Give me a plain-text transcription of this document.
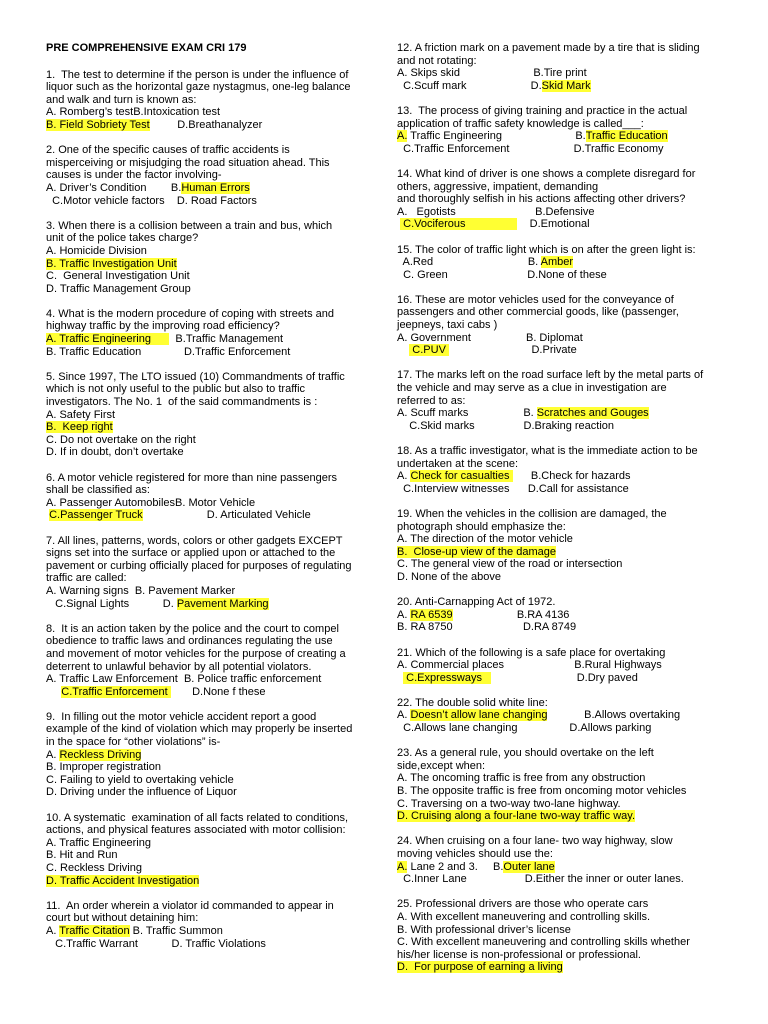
PRE COMPREHENSIVE EXAM CRI 179
1.  The test to determine if the person is under the influence of
liquor such as the horizontal gaze nystagmus, one-leg balance
and walk and turn is known as:
A. Romberg’s testB.Intoxication test
B. Field Sobriety Test         D.Breathanalyzer
2. One of the specific causes of traffic accidents is
misperceiving or misjudging the road situation ahead. This
causes is under the factor involving-
A. Driver’s Condition        B.Human Errors
C.Motor vehicle factors    D. Road Factors
3. When there is a collision between a train and bus, which
unit of the police takes charge?
A. Homicide Division
B. Traffic Investigation Unit
C.  General Investigation Unit
D. Traffic Management Group
4. What is the modern procedure of coping with streets and
highway traffic by the improving road efficiency?
A. Traffic Engineering        B.Traffic Management
B. Traffic Education              D.Traffic Enforcement
5. Since 1997, The LTO issued (10) Commandments of traffic
which is not only useful to the public but also to traffic
investigators. The No. 1  of the said commandments is :
A. Safety First
B.  Keep right
C. Do not overtake on the right
D. If in doubt, don’t overtake
6. A motor vehicle registered for more than nine passengers
shall be classified as:
A. Passenger AutomobilesB. Motor Vehicle
C.Passenger Truck                     D. Articulated Vehicle
7. All lines, patterns, words, colors or other gadgets EXCEPT
signs set into the surface or applied upon or attached to the
pavement or curbing officially placed for purposes of regulating
traffic are called:
A. Warning signs  B. Pavement Marker
C.Signal Lights           D. Pavement Marking
8.  It is an action taken by the police and the court to compel
obedience to traffic laws and ordinances regulating the use
and movement of motor vehicles for the purpose of creating a
deterrent to unlawful behavior by all potential violators.
A. Traffic Law Enforcement  B. Police traffic enforcement
C.Traffic Enforcement        D.None f these
9.  In filling out the motor vehicle accident report a good
example of the kind of violation which may properly be inserted
in the space for “other violations” is-
A. Reckless Driving
B. Improper registration
C. Failing to yield to overtaking vehicle
D. Driving under the influence of Liquor
10. A systematic  examination of all facts related to conditions,
actions, and physical features associated with motor collision:
A. Traffic Engineering
B. Hit and Run
C. Reckless Driving
D. Traffic Accident Investigation
11.  An order wherein a violator id commanded to appear in
court but without detaining him:
A. Traffic Citation B. Traffic Summon
C.Traffic Warrant           D. Traffic Violations
12. A friction mark on a pavement made by a tire that is sliding
and not rotating:
A. Skips skid                        B.Tire print
C.Scuff mark                     D.Skid Mark
13.  The process of giving training and practice in the actual
application of traffic safety knowledge is called___:
A. Traffic Engineering                        B.Traffic Education
C.Traffic Enforcement                     D.Traffic Economy
14. What kind of driver is one shows a complete disregard for
others, aggressive, impatient, demanding
and thoroughly selfish in his actions affecting other drivers?
A.   Egotists                          B.Defensive
C.Vociferous                     D.Emotional
15. The color of traffic light which is on after the green light is:
A.Red                               B. Amber
C. Green                          D.None of these
16. These are motor vehicles used for the conveyance of
passengers and other commercial goods, like (passenger,
jeepneys, taxi cabs )
A. Government                  B. Diplomat
C.PUV                            D.Private
17. The marks left on the road surface left by the metal parts of
the vehicle and may serve as a clue in investigation are
referred to as:
A. Scuff marks                  B. Scratches and Gouges
C.Skid marks                D.Braking reaction
18. As a traffic investigator, what is the immediate action to be
undertaken at the scene:
A. Check for casualties       B.Check for hazards
C.Interview witnesses      D.Call for assistance
19. When the vehicles in the collision are damaged, the
photograph should emphasize the:
A. The direction of the motor vehicle
B.  Close-up view of the damage
C. The general view of the road or intersection
D. None of the above
20. Anti-Carnapping Act of 1972.
A. RA 6539                     B.RA 4136
B. RA 8750                       D.RA 8749
21. Which of the following is a safe place for overtaking
A. Commercial places                       B.Rural Highways
C.Expressways                               D.Dry paved
22. The double solid white line:
A. Doesn’t allow lane changing            B.Allows overtaking
C.Allows lane changing                 D.Allows parking
23. As a general rule, you should overtake on the left
side,except when:
A. The oncoming traffic is free from any obstruction
B. The opposite traffic is free from oncoming motor vehicles
C. Traversing on a two-way two-lane highway.
D. Cruising along a four-lane two-way traffic way.
24. When cruising on a four lane- two way highway, slow
moving vehicles should use the:
A. Lane 2 and 3.     B.Outer lane
C.Inner Lane                   D.Either the inner or outer lanes.
25. Professional drivers are those who operate cars
A. With excellent maneuvering and controlling skills.
B. With professional driver’s license
C. With excellent maneuvering and controlling skills whether
his/her license is non-professional or professional.
D.  For purpose of earning a living
